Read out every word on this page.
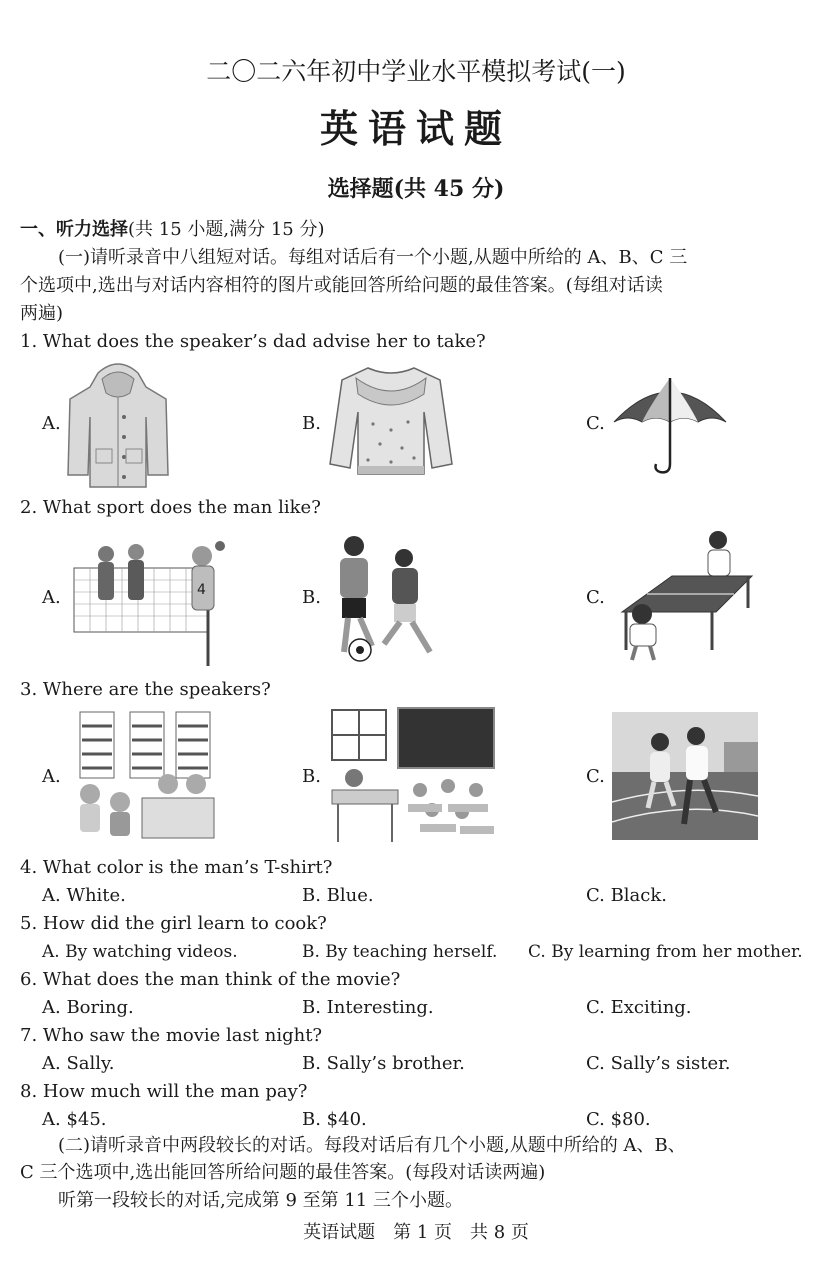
二〇二六年初中学业水平模拟考试(一)
英语试题
选择题(共 45 分)
一、听力选择(共 15 小题,满分 15 分)
(一)请听录音中八组短对话。每组对话后有一个小题,从题中所给的 A、B、C 三
个选项中,选出与对话内容相符的图片或能回答所给问题的最佳答案。(每组对话读
两遍)
1. What does the speaker’s dad advise her to take?
A.	B.	C.
2. What sport does the man like?
A.	4	B.	C.
3. Where are the speakers?
A.	B.	C.
4. What color is the man’s T-shirt?
A. White.	B. Blue.	C. Black.
5. How did the girl learn to cook?
A. By watching videos.	B. By teaching herself. C. By learning from her mother.
6. What does the man think of the movie?
A. Boring.	B. Interesting.	C. Exciting.
7. Who saw the movie last night?
A. Sally.	B. Sally’s brother.	C. Sally’s sister.
8. How much will the man pay?
A. $45.	B. $40.	C. $80.
(二)请听录音中两段较长的对话。每段对话后有几个小题,从题中所给的 A、B、
C 三个选项中,选出能回答所给问题的最佳答案。(每段对话读两遍)
听第一段较长的对话,完成第 9 至第 11 三个小题。
英语试题　第 1 页　共 8 页
